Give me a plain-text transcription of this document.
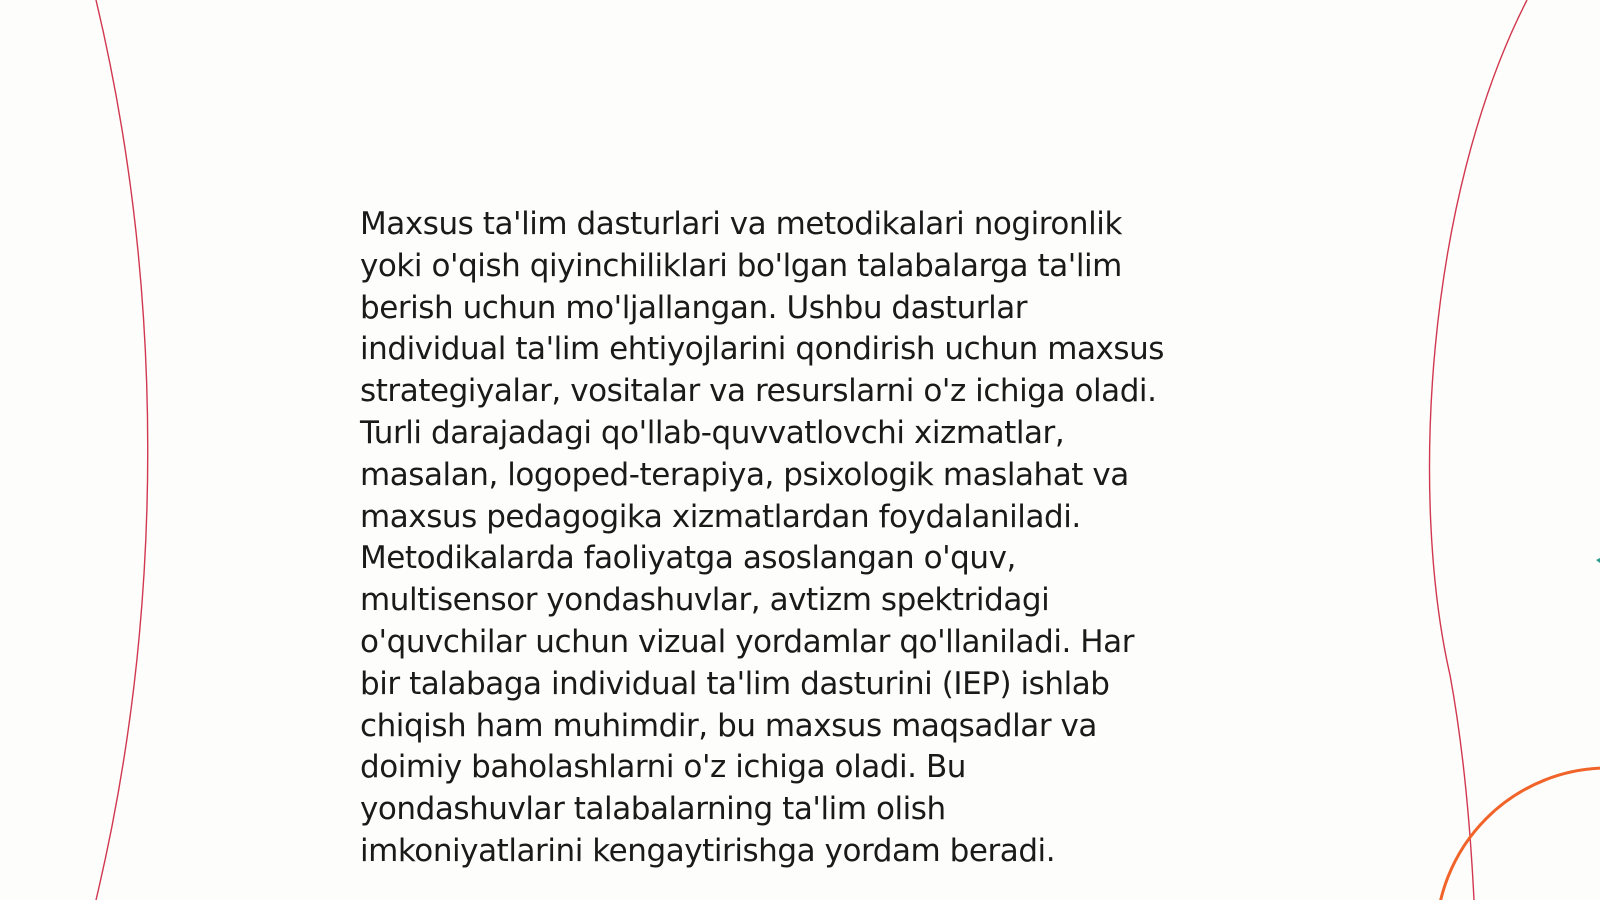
Maxsus ta'lim dasturlari va metodikalari nogironlik
yoki o'qish qiyinchiliklari bo'lgan talabalarga ta'lim
berish uchun mo'ljallangan. Ushbu dasturlar
individual ta'lim ehtiyojlarini qondirish uchun maxsus
strategiyalar, vositalar va resurslarni o'z ichiga oladi.
Turli darajadagi qo'llab-quvvatlovchi xizmatlar,
masalan, logoped-terapiya, psixologik maslahat va
maxsus pedagogika xizmatlardan foydalaniladi.
Metodikalarda faoliyatga asoslangan o'quv,
multisensor yondashuvlar, avtizm spektridagi
o'quvchilar uchun vizual yordamlar qo'llaniladi. Har
bir talabaga individual ta'lim dasturini (IEP) ishlab
chiqish ham muhimdir, bu maxsus maqsadlar va
doimiy baholashlarni o'z ichiga oladi. Bu
yondashuvlar talabalarning ta'lim olish
imkoniyatlarini kengaytirishga yordam beradi.
